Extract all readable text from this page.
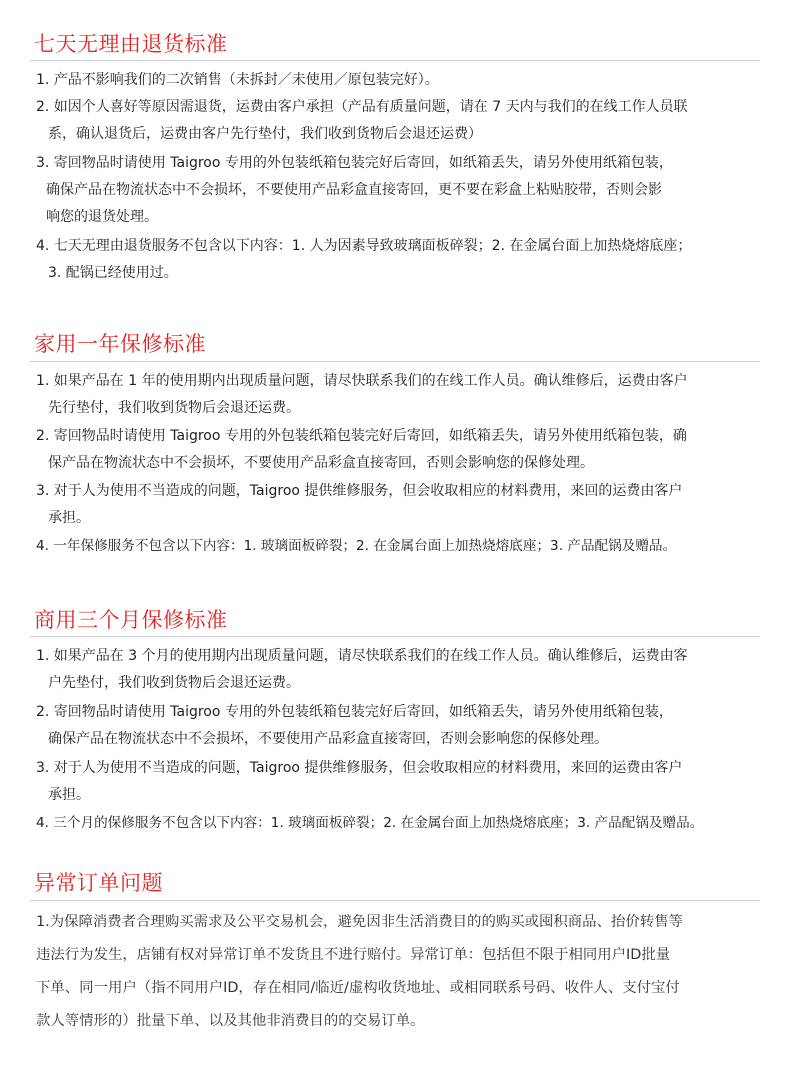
七天无理由退货标准
1. 产品不影响我们的二次销售（未拆封／未使用／原包装完好）。
2. 如因个人喜好等原因需退货，运费由客户承担（产品有质量问题，请在 7 天内与我们的在线工作人员联
系，确认退货后，运费由客户先行垫付，我们收到货物后会退还运费）
3. 寄回物品时请使用 Taigroo 专用的外包装纸箱包装完好后寄回，如纸箱丢失，请另外使用纸箱包装，
确保产品在物流状态中不会损坏，不要使用产品彩盒直接寄回，更不要在彩盒上粘贴胶带，否则会影
响您的退货处理。
4. 七天无理由退货服务不包含以下内容：1. 人为因素导致玻璃面板碎裂；2. 在金属台面上加热烧熔底座；
3. 配锅已经使用过。
家用一年保修标准
1. 如果产品在 1 年的使用期内出现质量问题，请尽快联系我们的在线工作人员。确认维修后，运费由客户
先行垫付，我们收到货物后会退还运费。
2. 寄回物品时请使用 Taigroo 专用的外包装纸箱包装完好后寄回，如纸箱丢失，请另外使用纸箱包装，确
保产品在物流状态中不会损坏，不要使用产品彩盒直接寄回，否则会影响您的保修处理。
3. 对于人为使用不当造成的问题，Taigroo 提供维修服务，但会收取相应的材料费用，来回的运费由客户
承担。
4. 一年保修服务不包含以下内容：1. 玻璃面板碎裂；2. 在金属台面上加热烧熔底座；3. 产品配锅及赠品。
商用三个月保修标准
1. 如果产品在 3 个月的使用期内出现质量问题，请尽快联系我们的在线工作人员。确认维修后，运费由客
户先垫付，我们收到货物后会退还运费。
2. 寄回物品时请使用 Taigroo 专用的外包装纸箱包装完好后寄回，如纸箱丢失，请另外使用纸箱包装，
确保产品在物流状态中不会损坏，不要使用产品彩盒直接寄回，否则会影响您的保修处理。
3. 对于人为使用不当造成的问题，Taigroo 提供维修服务，但会收取相应的材料费用，来回的运费由客户
承担。
4. 三个月的保修服务不包含以下内容：1. 玻璃面板碎裂；2. 在金属台面上加热烧熔底座；3. 产品配锅及赠品。
异常订单问题
1.为保障消费者合理购买需求及公平交易机会，避免因非生活消费目的的购买或囤积商品、抬价转售等
违法行为发生，店铺有权对异常订单不发货且不进行赔付。异常订单：包括但不限于相同用户ID批量
下单、同一用户（指不同用户ID，存在相同/临近/虚构收货地址、或相同联系号码、收件人、支付宝付
款人等情形的）批量下单、以及其他非消费目的的交易订单。
